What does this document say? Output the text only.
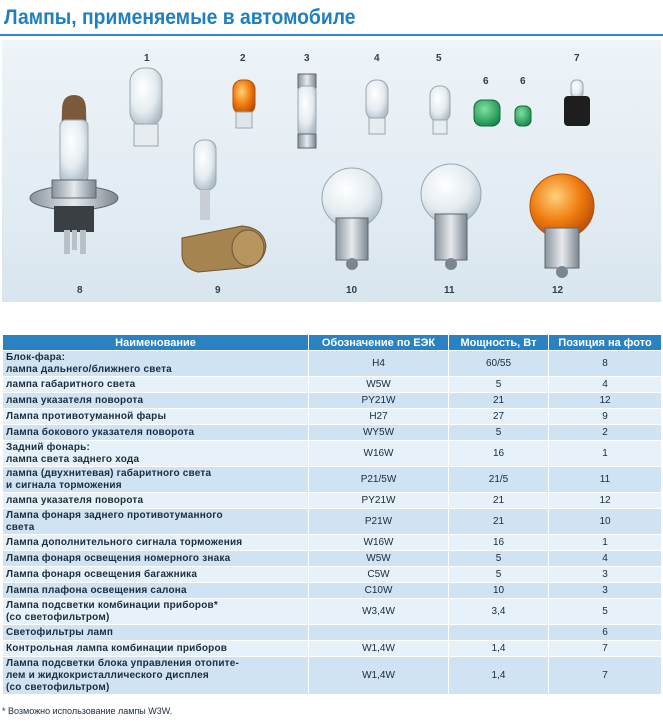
Лампы, применяемые в автомобиле
1	2	3	4	5
6	6
7
8	9	10	11	12
Наименование	Обозначение по ЕЭК	Мощность, Вт	Позиция на фото

Блок-фара:
лампа дальнего/ближнего света	H4	60/55	8

лампа габаритного света	W5W	5	4

лампа указателя поворота	PY21W	21	12

Лампа противотуманной фары	H27	27	9

Лампа бокового указателя поворота	WY5W	5	2

Задний фонарь:
лампа света заднего хода	W16W	16	1

лампа (двухнитевая) габаритного света
и сигнала торможения	P21/5W	21/5	11

лампа указателя поворота	PY21W	21	12

Лампа фонаря заднего противотуманного
света	P21W	21	10

Лампа дополнительного сигнала торможения	W16W	16	1

Лампа фонаря освещения номерного знака	W5W	5	4

Лампа фонаря освещения багажника	C5W	5	3

Лампа плафона освещения салона	C10W	10	3

Лампа подсветки комбинации приборов*
(со светофильтром)	W3,4W	3,4	5

Светофильтры ламп			6

Контрольная лампа комбинации приборов	W1,4W	1,4	7

Лампа подсветки блока управления отопите-
лем и жидкокристаллического дисплея
(со светофильтром)	W1,4W	1,4	7
* Возможно использование лампы W3W.
